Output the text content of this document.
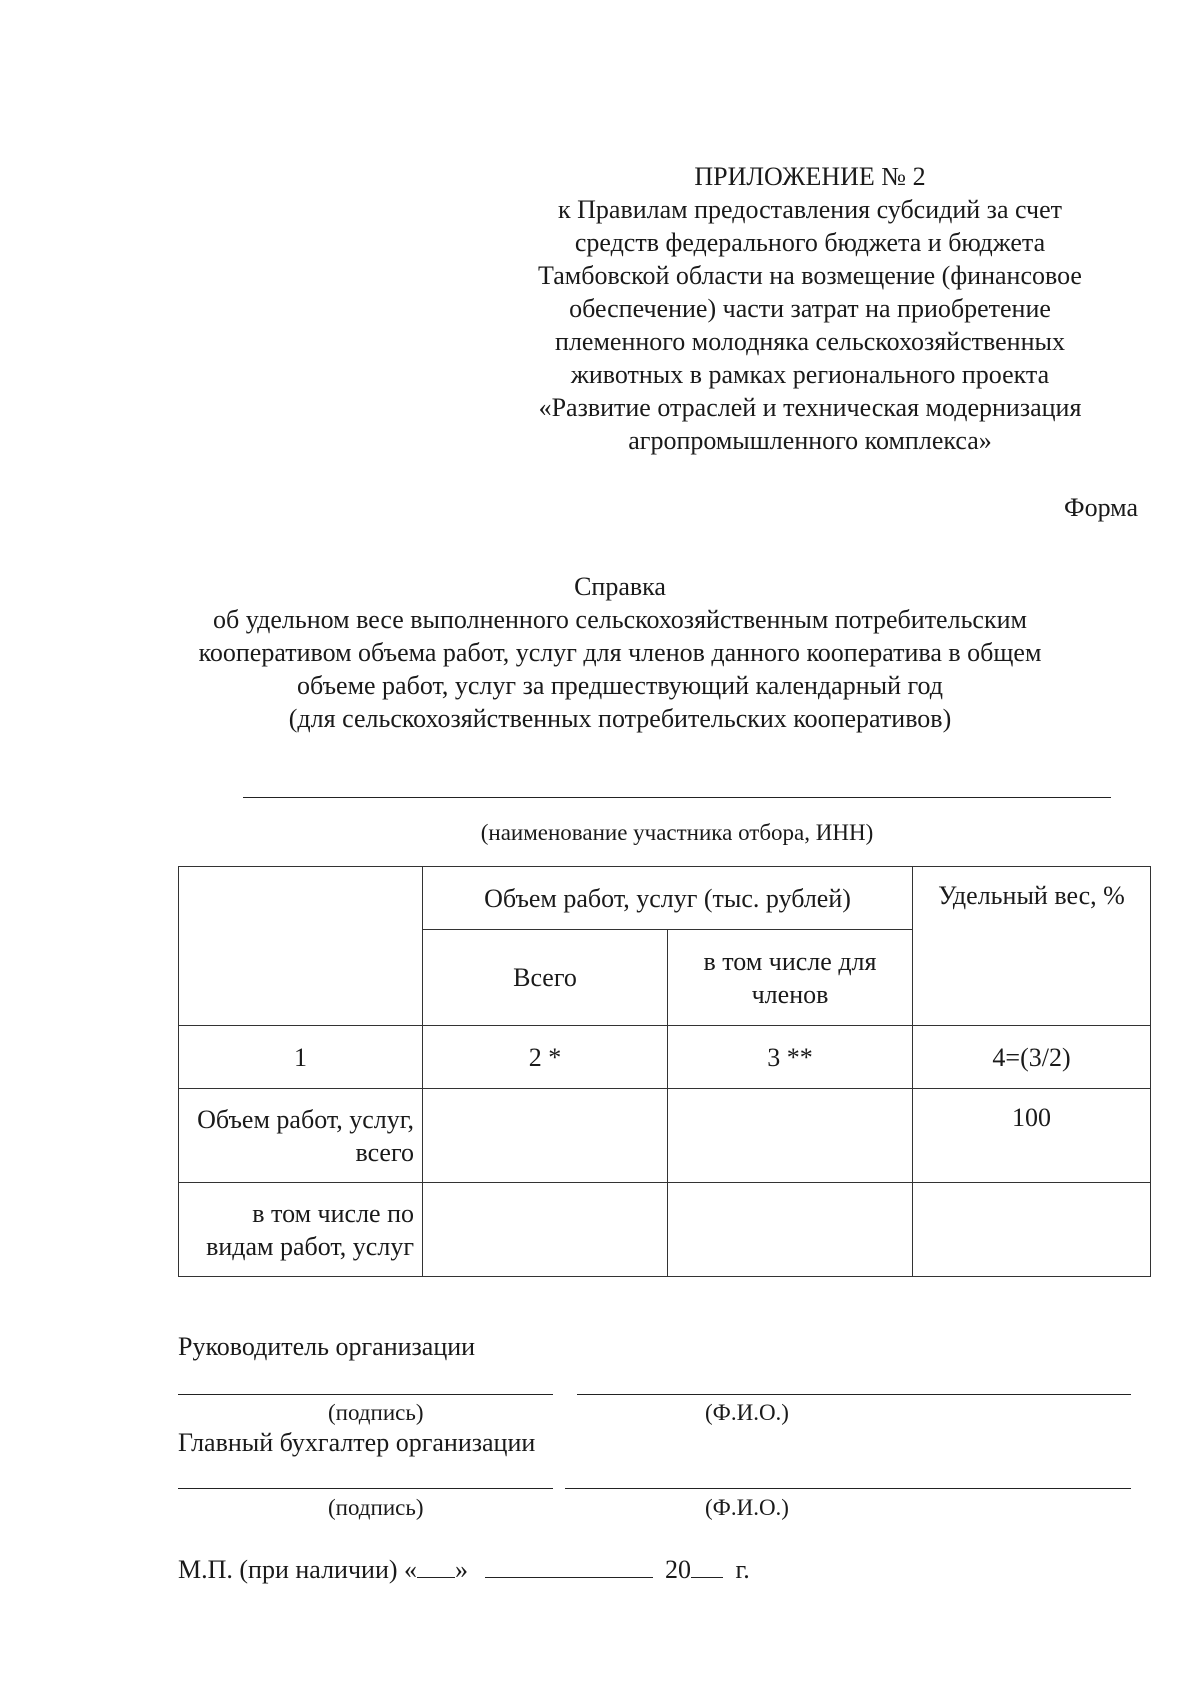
ПРИЛОЖЕНИЕ № 2
к Правилам предоставления субсидий за счет
средств федерального бюджета и бюджета
Тамбовской области на возмещение (финансовое
обеспечение) части затрат на приобретение
племенного молодняка сельскохозяйственных
животных в рамках регионального проекта
«Развитие отраслей и техническая модернизация
агропромышленного комплекса»
Форма
Справка
об удельном весе выполненного сельскохозяйственным потребительским
кооперативом объема работ, услуг для членов данного кооператива в общем
объеме работ, услуг за предшествующий календарный год
(для сельскохозяйственных потребительских кооперативов)
(наименование участника отбора, ИНН)
	Объем работ, услуг (тыс. рублей)		Удельный вес, %
	Всего	в том числе для членов	
1	2 *	3 **	4=(3/2)
Объем работ, услуг, всего			100
в том числе по видам работ, услуг			
Руководитель организации
(подпись)	(Ф.И.О.)
Главный бухгалтер организации
(подпись)	(Ф.И.О.)
М.П. (при наличии) « »	20 г.
